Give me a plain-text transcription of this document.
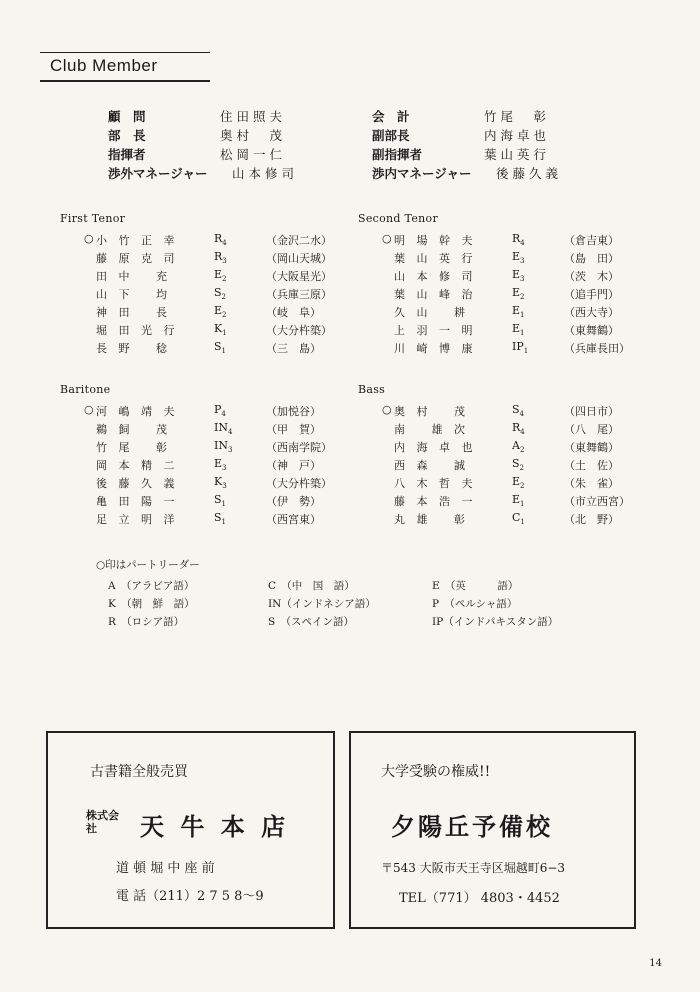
Club Member
顧　問	住田照夫
部　長	奥村　茂
指揮者	松岡一仁
渉外マネージャー 山本修司
会　計	竹尾　彰
副部長	内海卓也
副指揮者	葉山英行
渉内マネージャー 後藤久義
First Tenor	Second Tenor
Baritone	Bass
○ 小 竹 正 幸	$R_4$	（金沢二水）
藤 原 克 司	$R_3$	（岡山天城）
田 中　 充	$E_2$	（大阪星光）
山 下　 均	$S_2$	（兵庫三原）
神 田　 長	$E_2$	（岐　阜）
堀 田 光 行	$K_1$	（大分杵築）
長 野　 稔	$S_1$	（三　島）
○ 明 場 幹 夫	$R_4$	（倉吉東）
葉 山 英 行	$E_3$	（島　田）
山 本 修 司	$E_3$	（茨　木）
葉 山 峰 治	$E_2$	（追手門）
久 山　 耕	$E_1$	（西大寺）
上 羽 一 明	$E_1$	（東舞鶴）
川 崎 博 康	$IP_1$	（兵庫長田）
○ 河 嶋 靖 夫	$P_4$	（加悦谷）
鵜 飼　 茂	$IN_4$	（甲　賀）
竹 尾　 彰	$IN_3$	（西南学院）
岡 本 精 二	$E_3$	（神　戸）
後 藤 久 義	$K_3$	（大分杵築）
亀 田 陽 一	$S_1$	（伊　勢）
足 立 明 洋	$S_1$	（西宮東）
○ 奥 村　 茂	$S_4$	（四日市）
南　 雄 次	$R_4$	（八　尾）
内 海 卓 也	$A_2$	（東舞鶴）
西 森　 誠	$S_2$	（土　佐）
八 木 哲 夫	$E_2$	（朱　雀）
藤 本 浩 一	$E_1$	（市立西宮）
丸 雄　 彰	$C_1$	（北　野）
○印はパートリーダー
A　（アラビア語）	C　（中　国　語）	E　（英　　　語）
K　（朝　鮮　語）	IN（インドネシア語）	P　（ペルシャ語）
R　（ロシア語）	S　（スペイン語）	IP（インドパキスタン語）
古書籍全般売買
株式会社	天 牛 本 店
道 頓 堀 中 座 前
電 話（211）2 7 5 8〜9
大学受験の権威!!
夕陽丘予備校
〒543 大阪市天王寺区堀越町6−3
TEL（771） 4803・4452
14
